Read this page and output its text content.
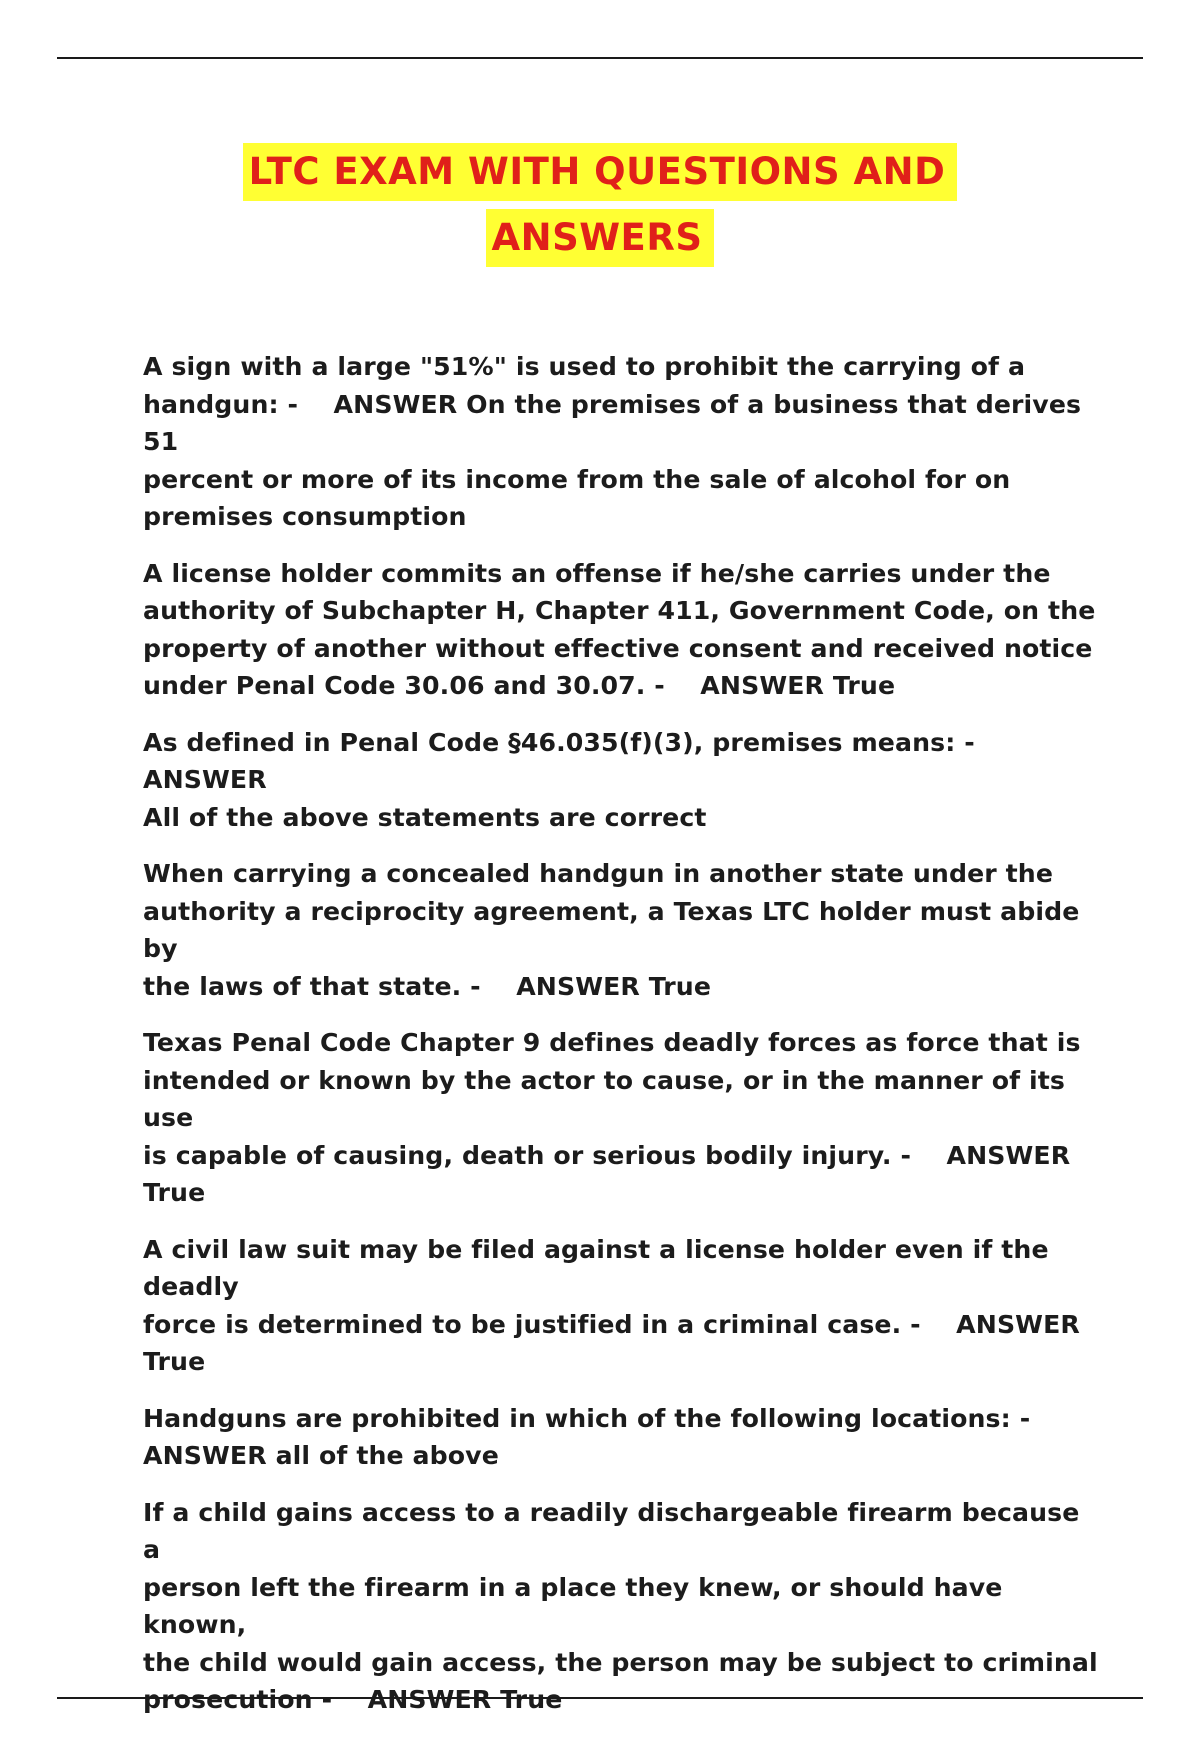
LTC EXAM WITH QUESTIONS AND
ANSWERS

A sign with a large "51%" is used to prohibit the carrying of a
handgun: -    ANSWER On the premises of a business that derives 51
percent or more of its income from the sale of alcohol for on
premises consumption

A license holder commits an offense if he/she carries under the
authority of Subchapter H, Chapter 411, Government Code, on the
property of another without effective consent and received notice
under Penal Code 30.06 and 30.07. -    ANSWER True

As defined in Penal Code §46.035(f)(3), premises means: -    ANSWER
All of the above statements are correct

When carrying a concealed handgun in another state under the
authority a reciprocity agreement, a Texas LTC holder must abide by
the laws of that state. -    ANSWER True

Texas Penal Code Chapter 9 defines deadly forces as force that is
intended or known by the actor to cause, or in the manner of its use
is capable of causing, death or serious bodily injury. -    ANSWER
True

A civil law suit may be filed against a license holder even if the deadly
force is determined to be justified in a criminal case. -    ANSWER
True

Handguns are prohibited in which of the following locations: -
ANSWER all of the above

If a child gains access to a readily dischargeable firearm because a
person left the firearm in a place they knew, or should have known,
the child would gain access, the person may be subject to criminal
prosecution -    ANSWER True
